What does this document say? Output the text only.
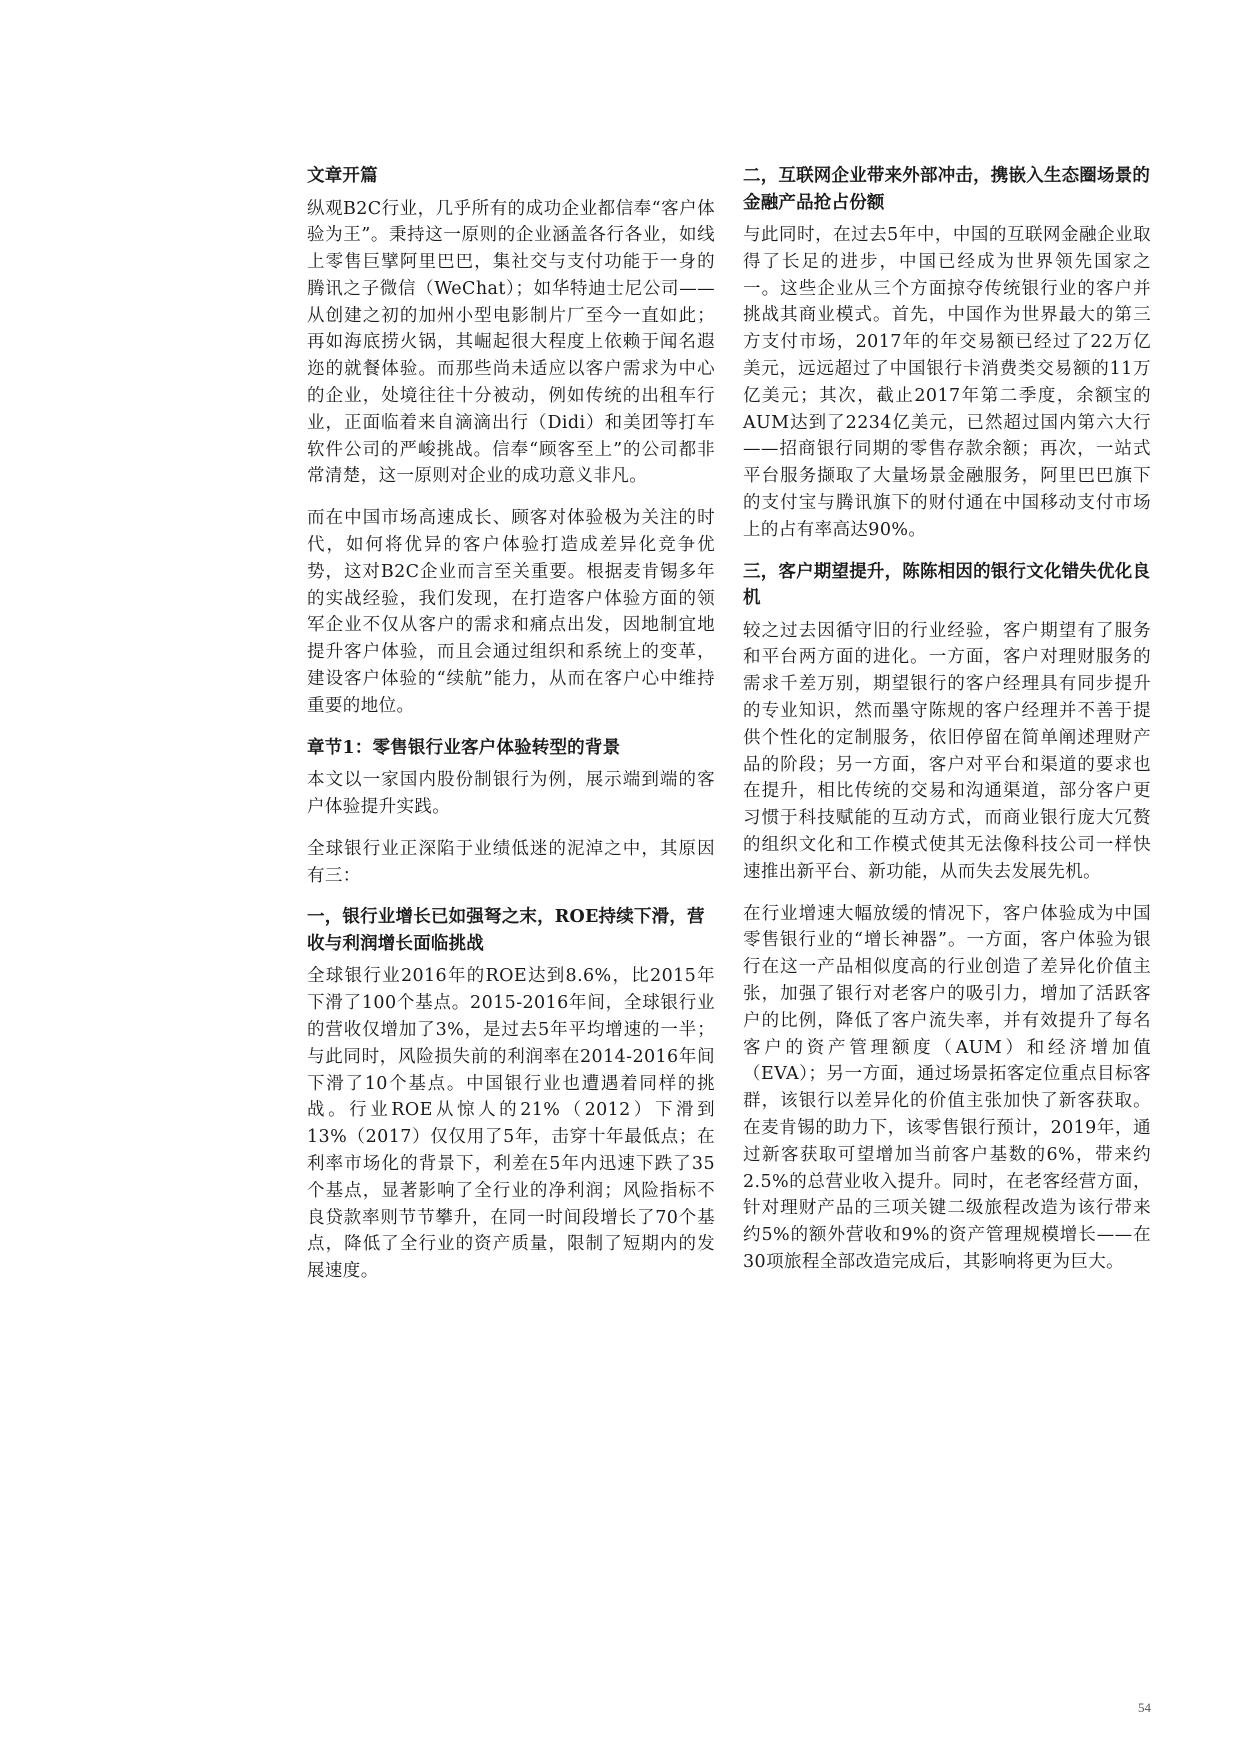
文章开篇

纵观B2C行业，几乎所有的成功企业都信奉“客户体验为王”。秉持这一原则的企业涵盖各行各业，如线上零售巨擘阿里巴巴，集社交与支付功能于一身的腾讯之子微信（WeChat）；如华特迪士尼公司——从创建之初的加州小型电影制片厂至今一直如此；再如海底捞火锅，其崛起很大程度上依赖于闻名遐迩的就餐体验。而那些尚未适应以客户需求为中心的企业，处境往往十分被动，例如传统的出租车行业，正面临着来自滴滴出行（Didi）和美团等打车软件公司的严峻挑战。信奉“顾客至上”的公司都非常清楚，这一原则对企业的成功意义非凡。

而在中国市场高速成长、顾客对体验极为关注的时代，如何将优异的客户体验打造成差异化竞争优势，这对B2C企业而言至关重要。根据麦肯锡多年的实战经验，我们发现，在打造客户体验方面的领军企业不仅从客户的需求和痛点出发，因地制宜地提升客户体验，而且会通过组织和系统上的变革，建设客户体验的“续航”能力，从而在客户心中维持重要的地位。

章节1：零售银行业客户体验转型的背景

本文以一家国内股份制银行为例，展示端到端的客户体验提升实践。

全球银行业正深陷于业绩低迷的泥淖之中，其原因有三：

一，银行业增长已如强弩之末，ROE持续下滑，营收与利润增长面临挑战

全球银行业2016年的ROE达到8.6%，比2015年下滑了100个基点。2015-2016年间，全球银行业的营收仅增加了3%，是过去5年平均增速的一半；与此同时，风险损失前的利润率在2014-2016年间下滑了10个基点。中国银行业也遭遇着同样的挑战。行业ROE从惊人的21%（2012）下滑到13%（2017）仅仅用了5年，击穿十年最低点；在利率市场化的背景下，利差在5年内迅速下跌了35个基点，显著影响了全行业的净利润；风险指标不良贷款率则节节攀升，在同一时间段增长了70个基点，降低了全行业的资产质量，限制了短期内的发展速度。

二，互联网企业带来外部冲击，携嵌入生态圈场景的金融产品抢占份额

与此同时，在过去5年中，中国的互联网金融企业取得了长足的进步，中国已经成为世界领先国家之一。这些企业从三个方面掠夺传统银行业的客户并挑战其商业模式。首先，中国作为世界最大的第三方支付市场，2017年的年交易额已经过了22万亿美元，远远超过了中国银行卡消费类交易额的11万亿美元；其次，截止2017年第二季度，余额宝的AUM达到了2234亿美元，已然超过国内第六大行——招商银行同期的零售存款余额；再次，一站式平台服务撷取了大量场景金融服务，阿里巴巴旗下的支付宝与腾讯旗下的财付通在中国移动支付市场上的占有率高达90%。

三，客户期望提升，陈陈相因的银行文化错失优化良机

较之过去因循守旧的行业经验，客户期望有了服务和平台两方面的进化。一方面，客户对理财服务的需求千差万别，期望银行的客户经理具有同步提升的专业知识，然而墨守陈规的客户经理并不善于提供个性化的定制服务，依旧停留在简单阐述理财产品的阶段；另一方面，客户对平台和渠道的要求也在提升，相比传统的交易和沟通渠道，部分客户更习惯于科技赋能的互动方式，而商业银行庞大冗赘的组织文化和工作模式使其无法像科技公司一样快速推出新平台、新功能，从而失去发展先机。

在行业增速大幅放缓的情况下，客户体验成为中国零售银行业的“增长神器”。一方面，客户体验为银行在这一产品相似度高的行业创造了差异化价值主张，加强了银行对老客户的吸引力，增加了活跃客户的比例，降低了客户流失率，并有效提升了每名客户的资产管理额度（AUM）和经济增加值（EVA）；另一方面，通过场景拓客定位重点目标客群，该银行以差异化的价值主张加快了新客获取。在麦肯锡的助力下，该零售银行预计，2019年，通过新客获取可望增加当前客户基数的6%，带来约2.5%的总营业收入提升。同时，在老客经营方面，针对理财产品的三项关键二级旅程改造为该行带来约5%的额外营收和9%的资产管理规模增长——在30项旅程全部改造完成后，其影响将更为巨大。

54
